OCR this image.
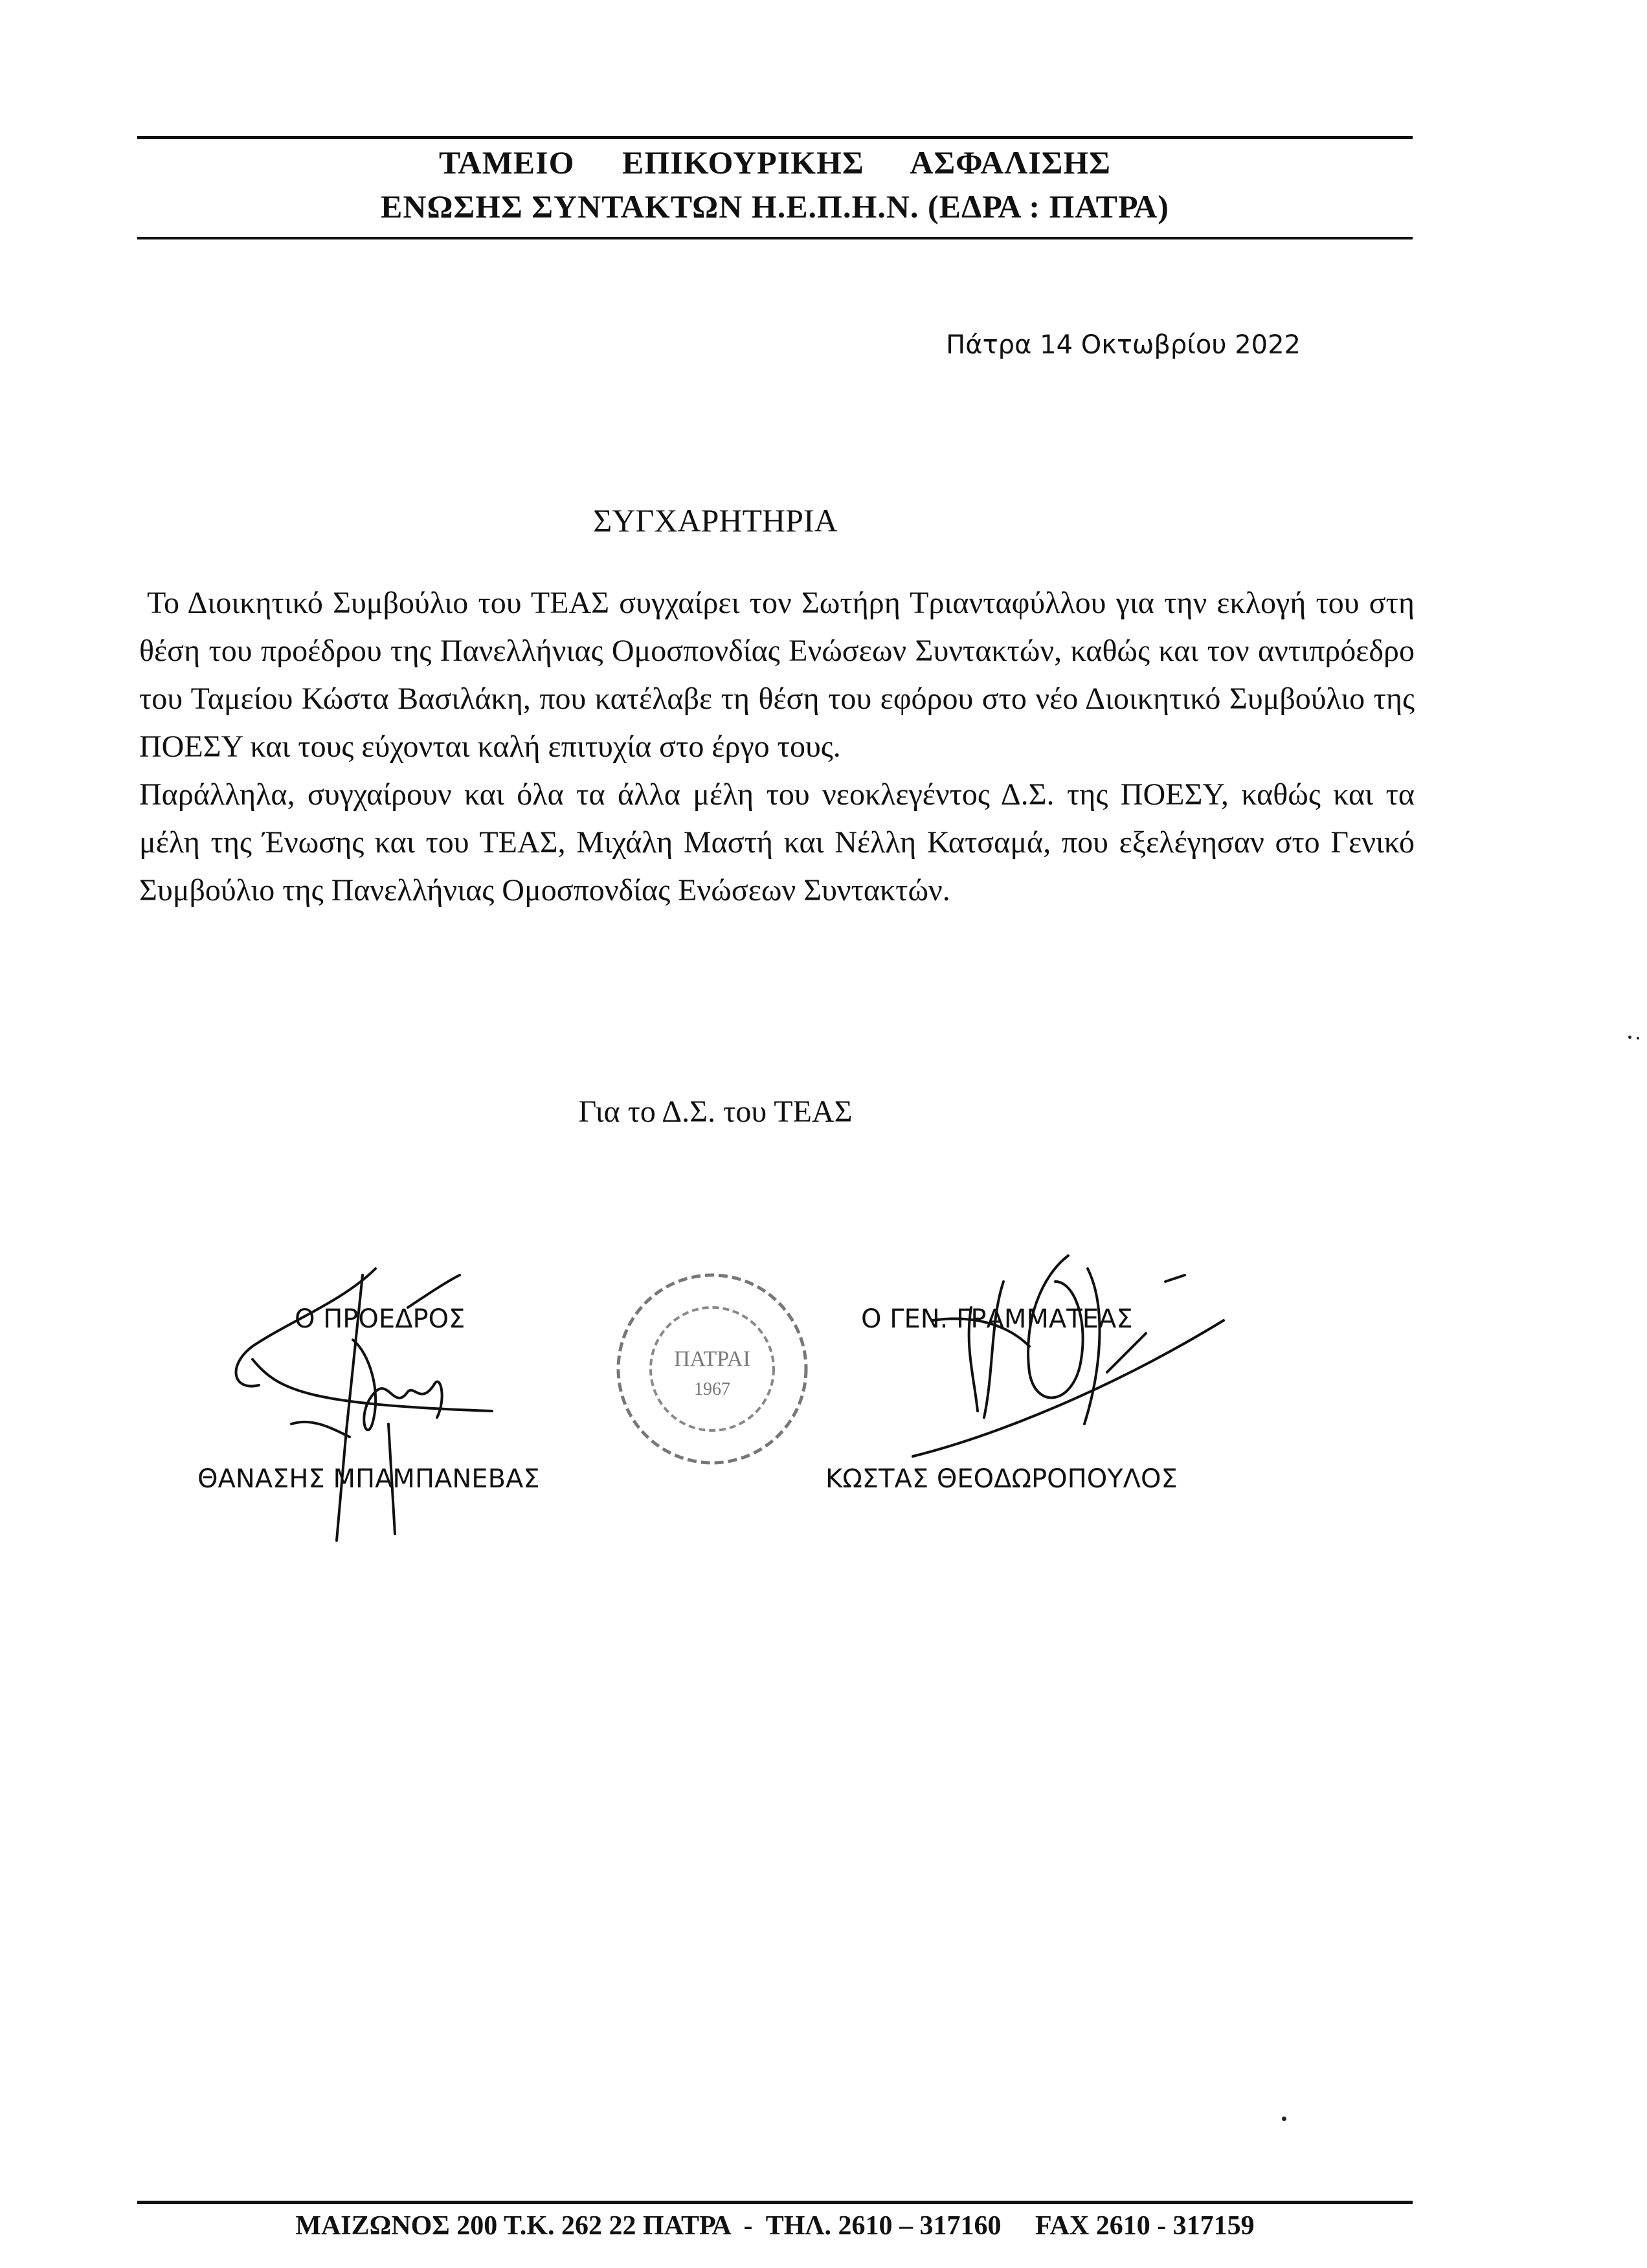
ΤΑΜΕΙΟ ΕΠΙΚΟΥΡΙΚΗΣ ΑΣΦΑΛΙΣΗΣ
ΕΝΩΣΗΣ ΣΥΝΤΑΚΤΩΝ Η.Ε.Π.Η.Ν. (ΕΔΡΑ : ΠΑΤΡΑ)
Πάτρα 14 Οκτωβρίου 2022
ΣΥΓΧΑΡΗΤΗΡΙΑ

Το Διοικητικό Συμβούλιο του ΤΕΑΣ συγχαίρει τον Σωτήρη Τριανταφύλλου για την εκλογή του στη θέση του προέδρου της Πανελλήνιας Ομοσπονδίας Ενώσεων Συντακτών, καθώς και τον αντιπρόεδρο του Ταμείου Κώστα Βασιλάκη, που κατέλαβε τη θέση του εφόρου στο νέο Διοικητικό Συμβούλιο της ΠΟΕΣΥ και τους εύχονται καλή επιτυχία στο έργο τους.

Παράλληλα, συγχαίρουν και όλα τα άλλα μέλη του νεοκλεγέντος Δ.Σ. της ΠΟΕΣΥ, καθώς και τα μέλη της Ένωσης και του ΤΕΑΣ, Μιχάλη Μαστή και Νέλλη Κατσαμά, που εξελέγησαν στο Γενικό Συμβούλιο της Πανελλήνιας Ομοσπονδίας Ενώσεων Συντακτών.

Για το Δ.Σ. του ΤΕΑΣ
Ο ΠΡΟΕΔΡΟΣ
ΘΑΝΑΣΗΣ ΜΠΑΜΠΑΝΕΒΑΣ
ΠΑΤΡΑΙ
1967
Ο ΓΕΝ. ΓΡΑΜΜΑΤΕΑΣ
ΚΩΣΤΑΣ ΘΕΟΔΩΡΟΠΟΥΛΟΣ
ΜΑΙΖΩΝΟΣ 200 Τ.Κ. 262 22 ΠΑΤΡΑ  -  ΤΗΛ. 2610 – 317160     FAX 2610 - 317159
